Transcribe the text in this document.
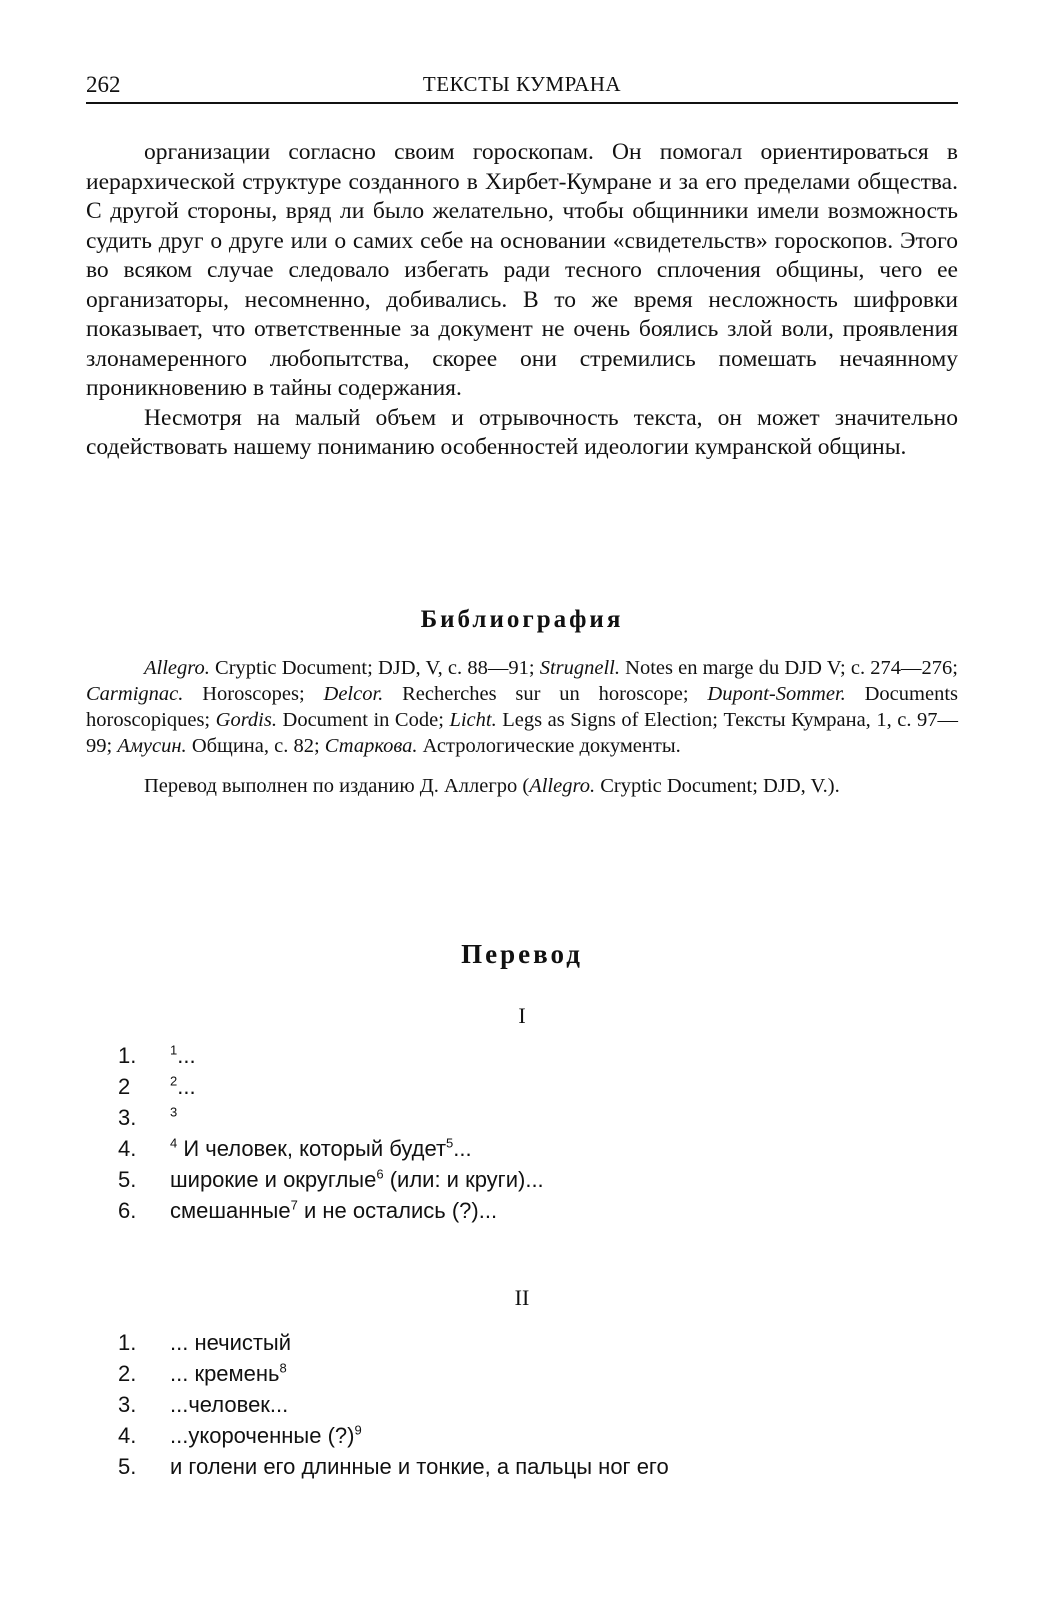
262	ТЕКСТЫ КУМРАНА

организации согласно своим гороскопам. Он помогал ориентироваться в иерархической структуре созданного в Хирбет-Кумране и за его пределами общества. С другой стороны, вряд ли было желательно, чтобы общинники имели возможность судить друг о друге или о самих себе на основании «свидетельств» гороскопов. Этого во всяком случае следовало избегать ради тесного сплочения общины, чего ее организаторы, несомненно, добивались. В то же время несложность шифровки показывает, что ответственные за документ не очень боялись злой воли, проявления злонамеренного любопытства, скорее они стремились помешать нечаянному проникновению в тайны содержания.

Несмотря на малый объем и отрывочность текста, он может значительно содействовать нашему пониманию особенностей идеологии кумранской общины.

Библиография

Allegro. Cryptic Document; DJD, V, с. 88—91; Strugnell. Notes en marge du DJD V; с. 274—276; Carmignac. Horoscopes; Delcor. Recherches sur un horoscope; Dupont-Sommer. Documents horoscopiques; Gordis. Document in Code; Licht. Legs as Signs of Election; Тексты Кумрана, 1, с. 97—99; Амусин. Община, с. 82; Старкова. Астрологические документы.

Перевод выполнен по изданию Д. Аллегро (Allegro. Cryptic Document; DJD, V.).

Перевод
I
1.	$^1$...
2	$^2$...
3.	$^3$
4.	$^4$ И человек, который будет$^5$...
5. широкие и округлые$^6$ (или: и круги)...
6. смешанные$^7$ и не остались (?)...
II
1. ... нечистый
2. ... кремень$^8$
3. ...человек...
4. ...укороченные (?)$^9$
5. и голени его длинные и тонкие, а пальцы ног его
